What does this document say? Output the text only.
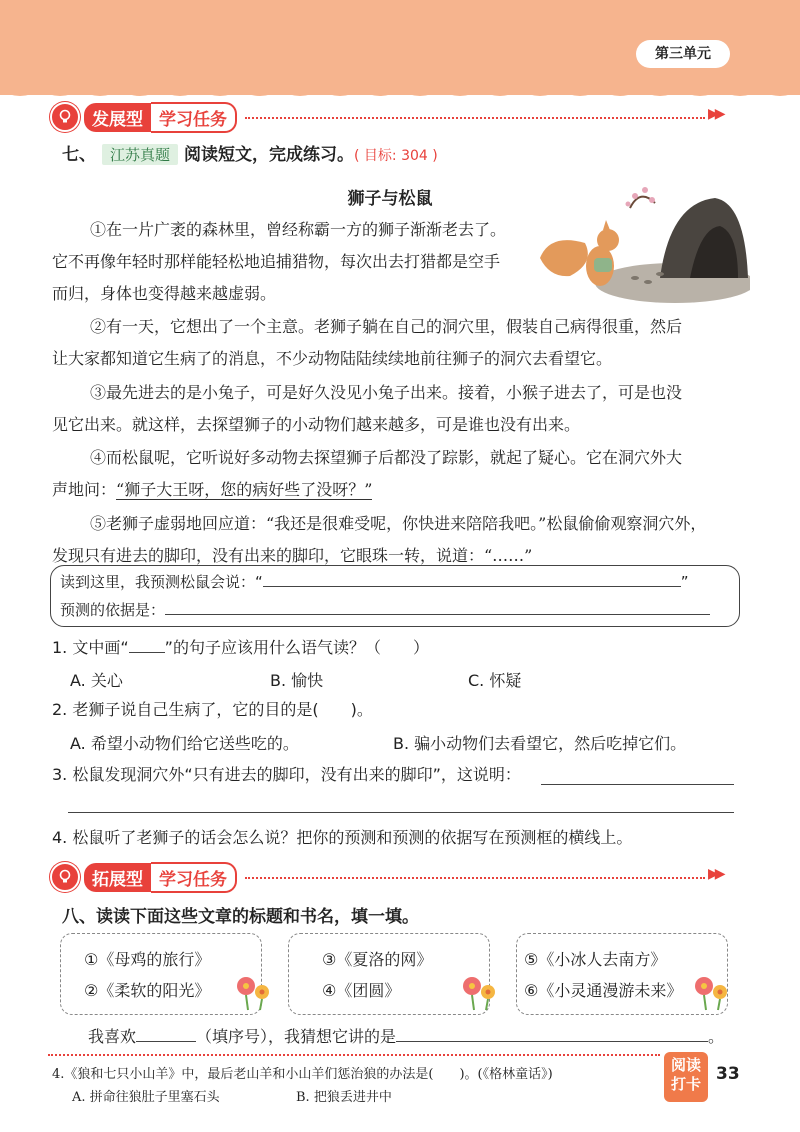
第三单元
发展型 学习任务	▶▶
七、 江苏真题 阅读短文，完成练习。( 目标: 304 )
狮子与松鼠
①在一片广袤的森林里，曾经称霸一方的狮子渐渐老去了。
它不再像年轻时那样能轻松地追捕猎物，每次出去打猎都是空手
而归，身体也变得越来越虚弱。
②有一天，它想出了一个主意。老狮子躺在自己的洞穴里，假装自己病得很重，然后
让大家都知道它生病了的消息，不少动物陆陆续续地前往狮子的洞穴去看望它。
③最先进去的是小兔子，可是好久没见小兔子出来。接着，小猴子进去了，可是也没
见它出来。就这样，去探望狮子的小动物们越来越多，可是谁也没有出来。
④而松鼠呢，它听说好多动物去探望狮子后都没了踪影，就起了疑心。它在洞穴外大
声地问：“狮子大王呀，您的病好些了没呀？”
⑤老狮子虚弱地回应道：“我还是很难受呢，你快进来陪陪我吧。”松鼠偷偷观察洞穴外，
发现只有进去的脚印，没有出来的脚印，它眼珠一转，说道：“……”
读到这里，我预测松鼠会说：“	”
预测的依据是：
1. 文中画“ ”的句子应该用什么语气读？（　　）
A. 关心	B. 愉快	C. 怀疑
2. 老狮子说自己生病了，它的目的是(　　)。
A. 希望小动物们给它送些吃的。	B. 骗小动物们去看望它，然后吃掉它们。
3. 松鼠发现洞穴外“只有进去的脚印，没有出来的脚印”，这说明：
4. 松鼠听了老狮子的话会怎么说？把你的预测和预测的依据写在预测框的横线上。
拓展型 学习任务	▶▶
八、读读下面这些文章的标题和书名，填一填。
①《母鸡的旅行》
②《柔软的阳光》
③《夏洛的网》
④《团圆》
⑤《小冰人去南方》
⑥《小灵通漫游未来》
我喜欢	（填序号），我猜想它讲的是	。
4.《狼和七只小山羊》中，最后老山羊和小山羊们惩治狼的办法是(　　)。(《格林童话》)
A. 拼命往狼肚子里塞石头	B. 把狼丢进井中
阅读
打卡 33
